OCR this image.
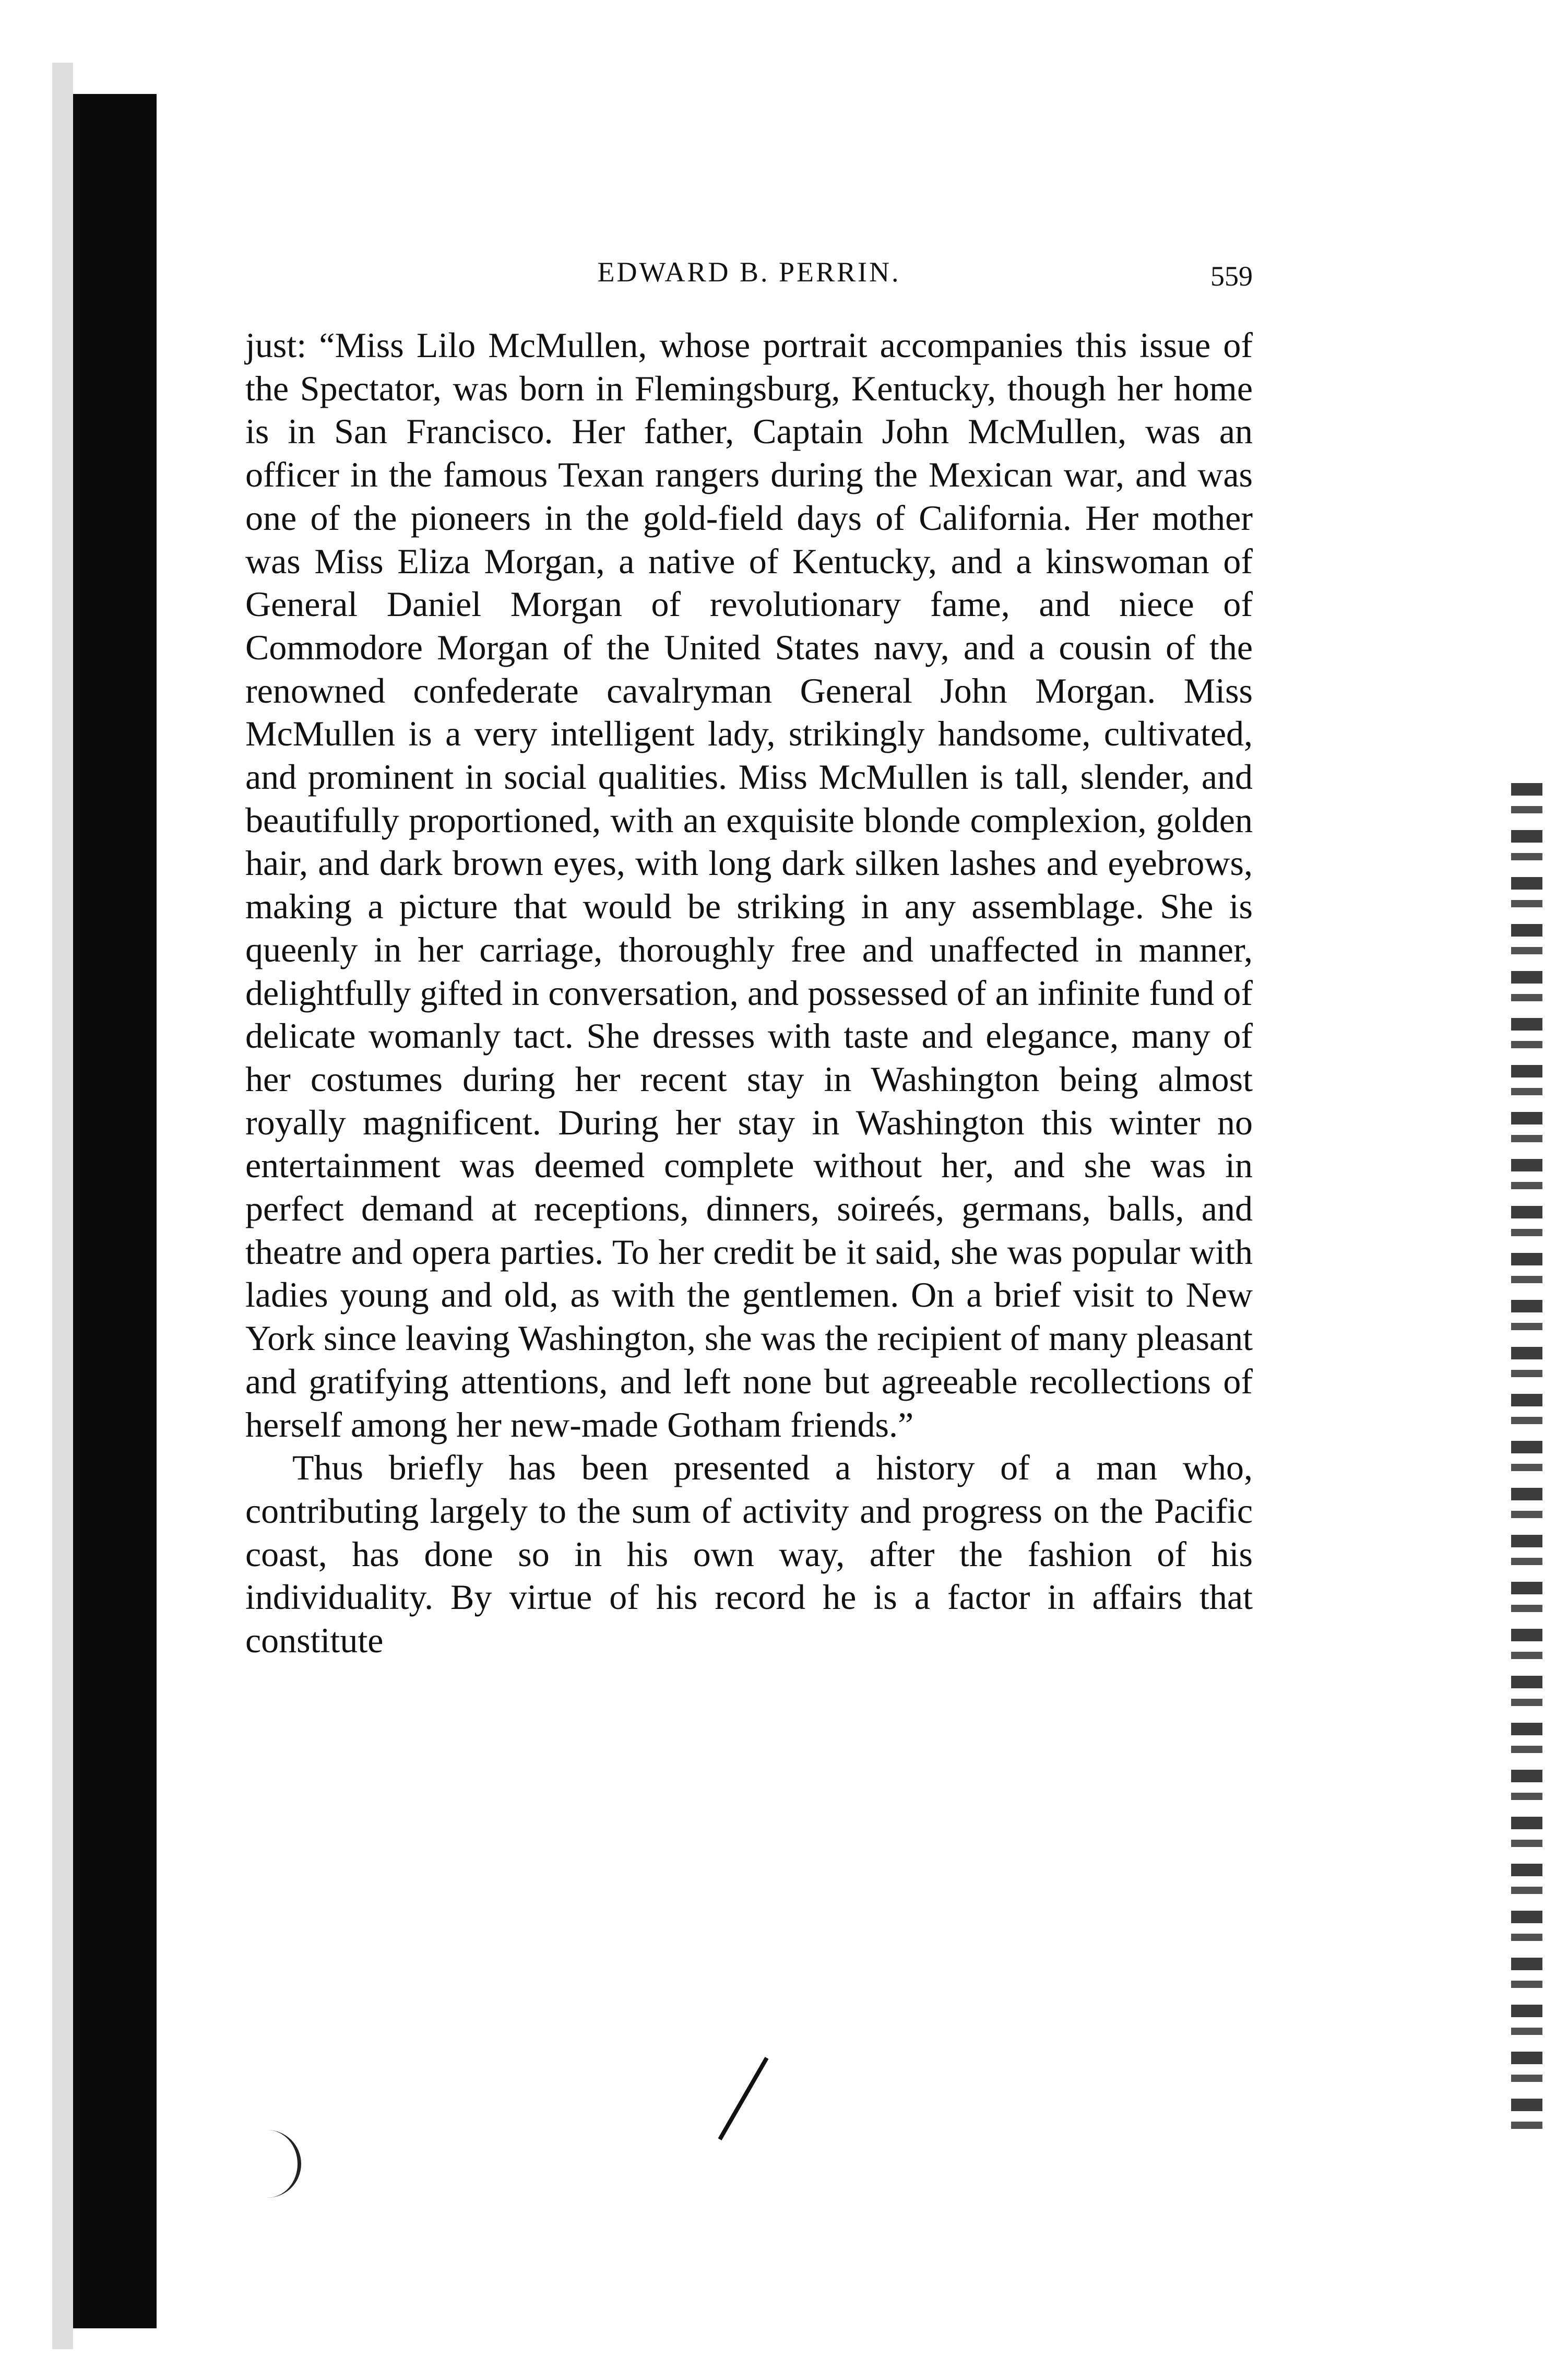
EDWARD B. PERRIN.	559

just: “Miss Lilo McMullen, whose portrait accompanies this issue of the Spectator, was born in Flemingsburg, Kentucky, though her home is in San Francisco. Her father, Captain John McMullen, was an officer in the famous Texan rangers during the Mexican war, and was one of the pioneers in the gold-field days of California. Her mother was Miss Eliza Morgan, a native of Kentucky, and a kinswoman of General Daniel Morgan of revolutionary fame, and niece of Commodore Morgan of the United States navy, and a cousin of the renowned confederate cavalryman General John Morgan. Miss McMullen is a very intelligent lady, strikingly handsome, cultivated, and prominent in social qualities. Miss McMullen is tall, slender, and beautifully proportioned, with an exquisite blonde complexion, golden hair, and dark brown eyes, with long dark silken lashes and eyebrows, making a picture that would be striking in any assemblage. She is queenly in her carriage, thoroughly free and unaffected in manner, delightfully gifted in conversation, and possessed of an infinite fund of delicate womanly tact. She dresses with taste and elegance, many of her costumes during her recent stay in Washington being almost royally magnificent. During her stay in Washington this winter no entertainment was deemed complete without her, and she was in perfect demand at receptions, dinners, soireés, germans, balls, and theatre and opera parties. To her credit be it said, she was popular with ladies young and old, as with the gentlemen. On a brief visit to New York since leaving Washington, she was the recipient of many pleasant and gratifying attentions, and left none but agreeable recollections of herself among her new-made Gotham friends.”

Thus briefly has been presented a history of a man who, contributing largely to the sum of activity and progress on the Pacific coast, has done so in his own way, after the fashion of his individuality. By virtue of his record he is a factor in affairs that constitute
